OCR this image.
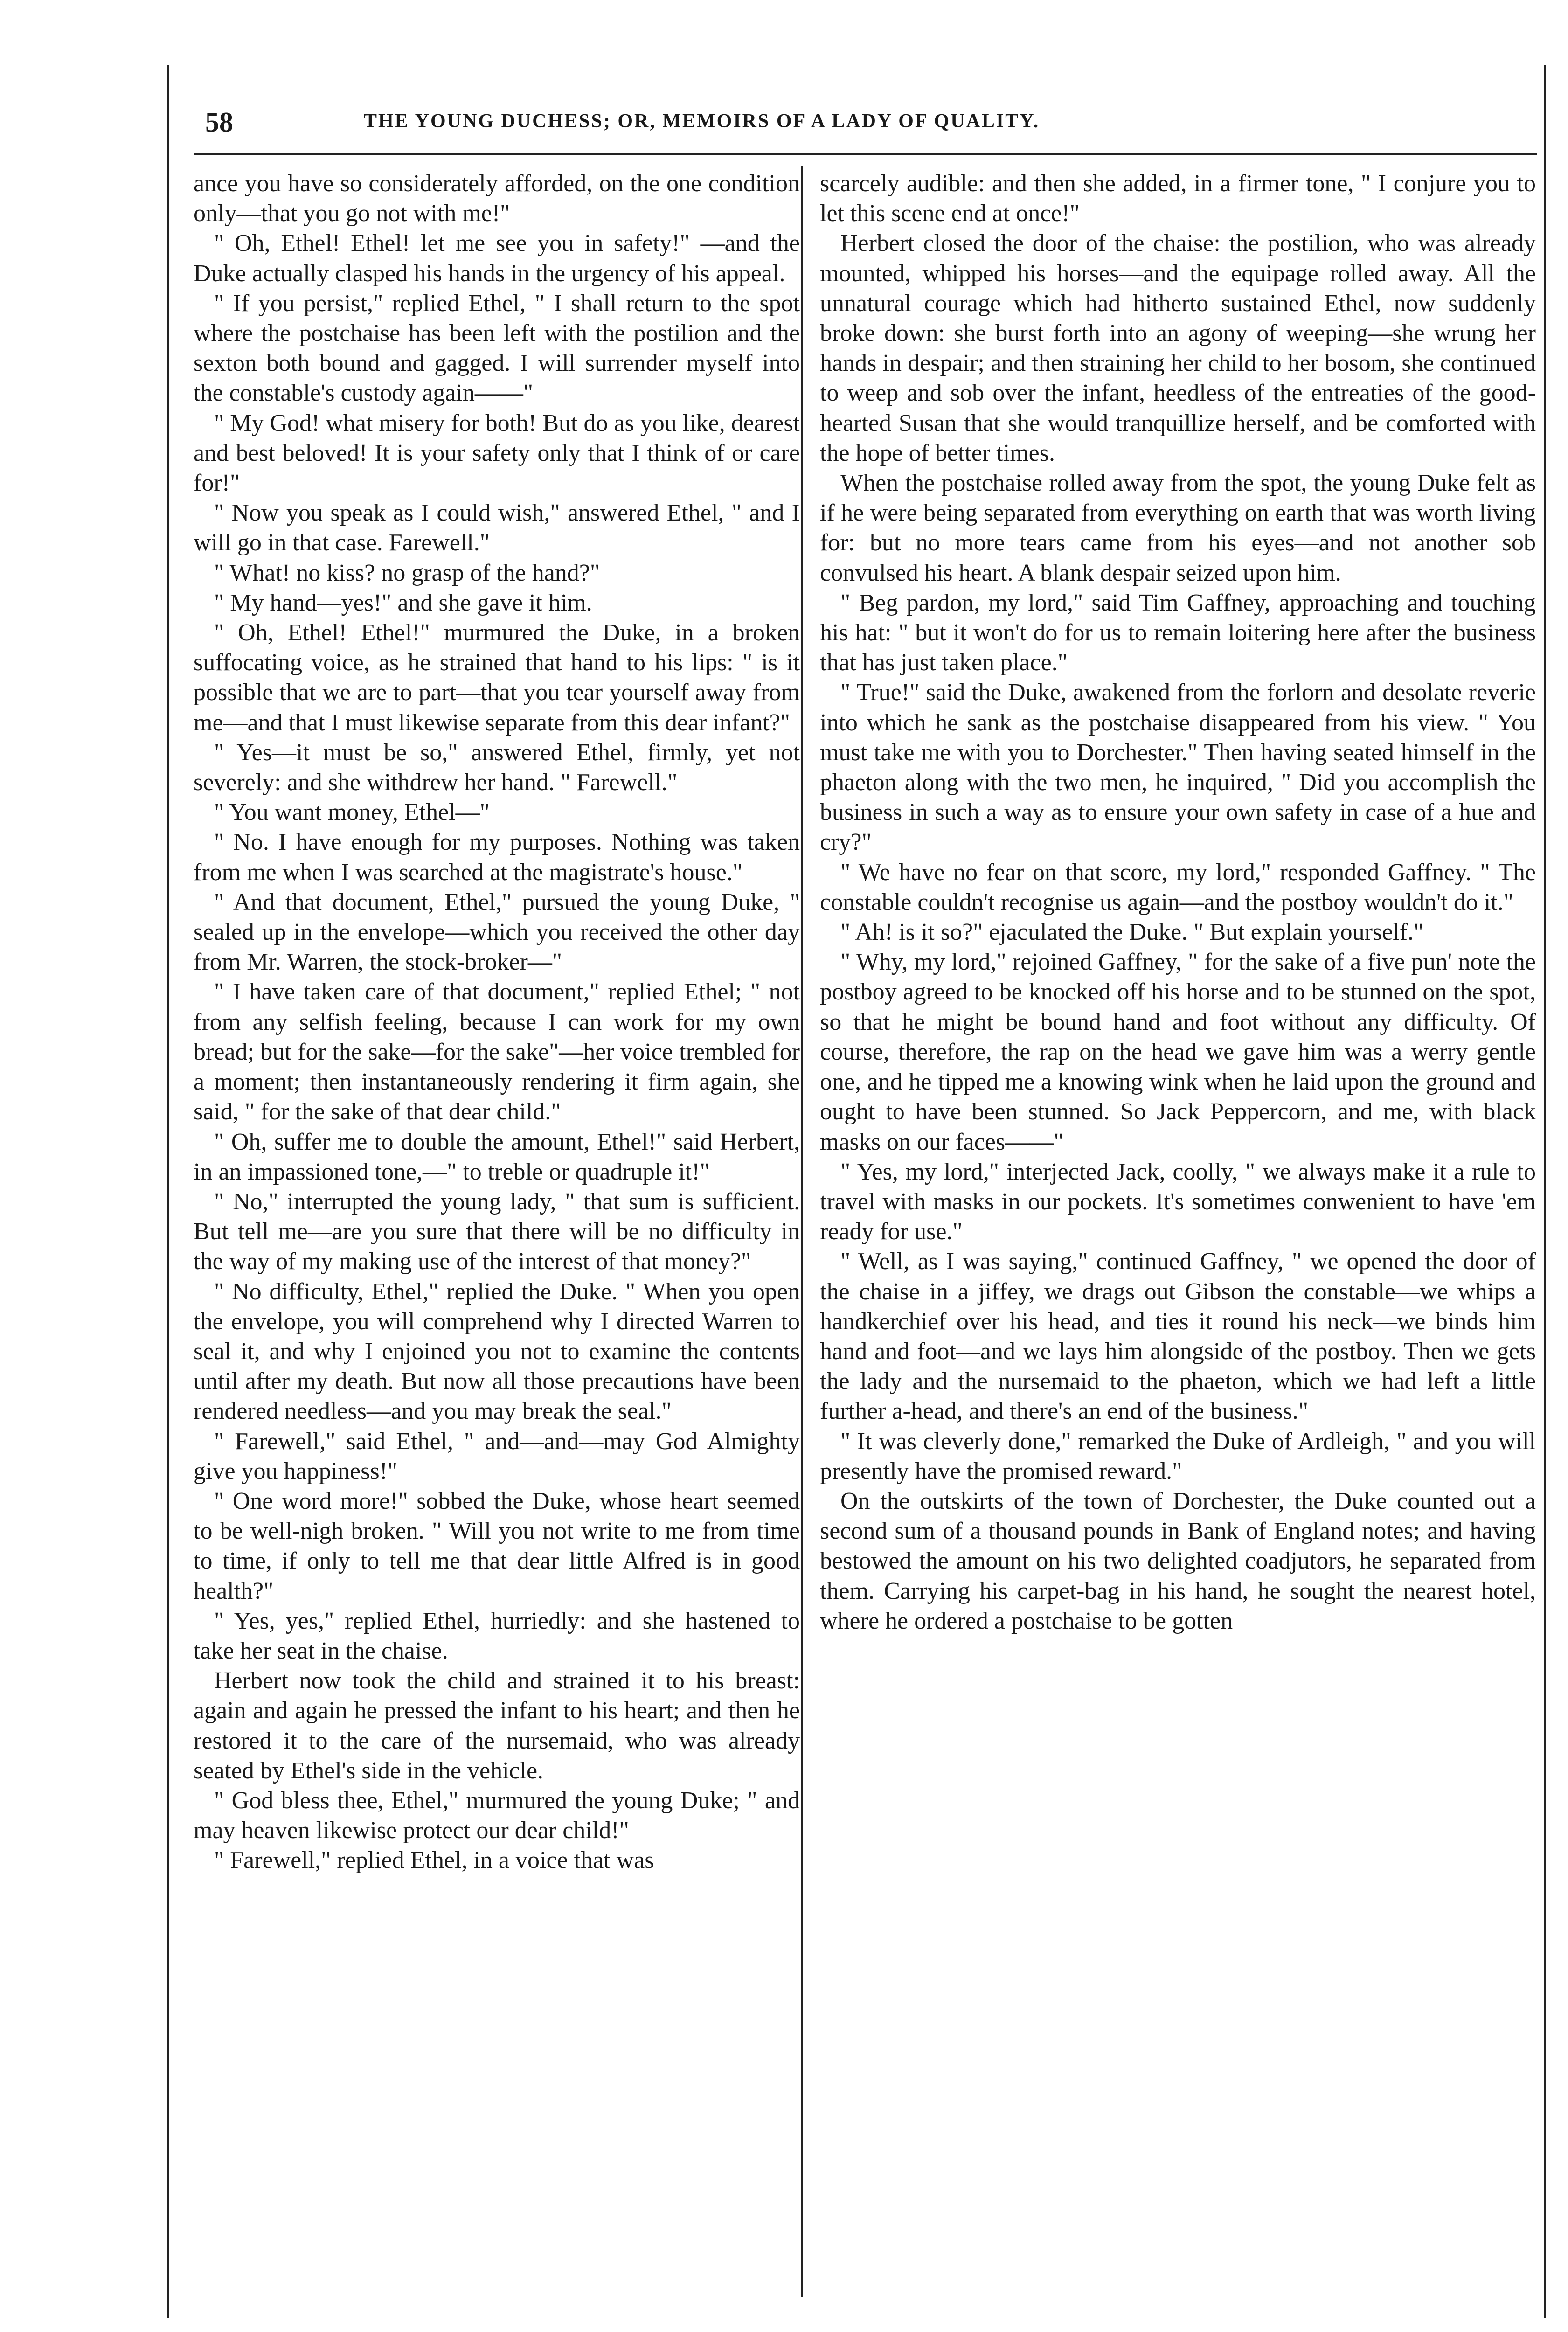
58	THE YOUNG DUCHESS; OR, MEMOIRS OF A LADY OF QUALITY.

ance you have so considerately afforded, on the one condition only—that you go not with me!"

" Oh, Ethel! Ethel! let me see you in safety!" —and the Duke actually clasped his hands in the urgency of his appeal.

" If you persist," replied Ethel, " I shall return to the spot where the postchaise has been left with the postilion and the sexton both bound and gagged. I will surrender myself into the constable's custody again——"

" My God! what misery for both! But do as you like, dearest and best beloved! It is your safety only that I think of or care for!"

" Now you speak as I could wish," answered Ethel, " and I will go in that case. Farewell."

" What! no kiss? no grasp of the hand?"

" My hand—yes!" and she gave it him.

" Oh, Ethel! Ethel!" murmured the Duke, in a broken suffocating voice, as he strained that hand to his lips: " is it possible that we are to part—that you tear yourself away from me—and that I must likewise separate from this dear infant?"

" Yes—it must be so," answered Ethel, firmly, yet not severely: and she withdrew her hand. " Farewell."

" You want money, Ethel—"

" No. I have enough for my purposes. Nothing was taken from me when I was searched at the magistrate's house."

" And that document, Ethel," pursued the young Duke, " sealed up in the envelope—which you received the other day from Mr. Warren, the stock-broker—"

" I have taken care of that document," replied Ethel; " not from any selfish feeling, because I can work for my own bread; but for the sake—for the sake"—her voice trembled for a moment; then instantaneously rendering it firm again, she said, " for the sake of that dear child."

" Oh, suffer me to double the amount, Ethel!" said Herbert, in an impassioned tone,—" to treble or quadruple it!"

" No," interrupted the young lady, " that sum is sufficient. But tell me—are you sure that there will be no difficulty in the way of my making use of the interest of that money?"

" No difficulty, Ethel," replied the Duke. " When you open the envelope, you will comprehend why I directed Warren to seal it, and why I enjoined you not to examine the contents until after my death. But now all those precautions have been rendered needless—and you may break the seal."

" Farewell," said Ethel, " and—and—may God Almighty give you happiness!"

" One word more!" sobbed the Duke, whose heart seemed to be well-nigh broken. " Will you not write to me from time to time, if only to tell me that dear little Alfred is in good health?"

" Yes, yes," replied Ethel, hurriedly: and she hastened to take her seat in the chaise.

Herbert now took the child and strained it to his breast: again and again he pressed the infant to his heart; and then he restored it to the care of the nursemaid, who was already seated by Ethel's side in the vehicle.

" God bless thee, Ethel," murmured the young Duke; " and may heaven likewise protect our dear child!"

" Farewell," replied Ethel, in a voice that was

scarcely audible: and then she added, in a firmer tone, " I conjure you to let this scene end at once!"

Herbert closed the door of the chaise: the postilion, who was already mounted, whipped his horses—and the equipage rolled away. All the unnatural courage which had hitherto sustained Ethel, now suddenly broke down: she burst forth into an agony of weeping—she wrung her hands in despair; and then straining her child to her bosom, she continued to weep and sob over the infant, heedless of the entreaties of the good-hearted Susan that she would tranquillize herself, and be comforted with the hope of better times.

When the postchaise rolled away from the spot, the young Duke felt as if he were being separated from everything on earth that was worth living for: but no more tears came from his eyes—and not another sob convulsed his heart. A blank despair seized upon him.

" Beg pardon, my lord," said Tim Gaffney, approaching and touching his hat: " but it won't do for us to remain loitering here after the business that has just taken place."

" True!" said the Duke, awakened from the forlorn and desolate reverie into which he sank as the postchaise disappeared from his view. " You must take me with you to Dorchester." Then having seated himself in the phaeton along with the two men, he inquired, " Did you accomplish the business in such a way as to ensure your own safety in case of a hue and cry?"

" We have no fear on that score, my lord," responded Gaffney. " The constable couldn't recognise us again—and the postboy wouldn't do it."

" Ah! is it so?" ejaculated the Duke. " But explain yourself."

" Why, my lord," rejoined Gaffney, " for the sake of a five pun' note the postboy agreed to be knocked off his horse and to be stunned on the spot, so that he might be bound hand and foot without any difficulty. Of course, therefore, the rap on the head we gave him was a werry gentle one, and he tipped me a knowing wink when he laid upon the ground and ought to have been stunned. So Jack Peppercorn, and me, with black masks on our faces——"

" Yes, my lord," interjected Jack, coolly, " we always make it a rule to travel with masks in our pockets. It's sometimes conwenient to have 'em ready for use."

" Well, as I was saying," continued Gaffney, " we opened the door of the chaise in a jiffey, we drags out Gibson the constable—we whips a handkerchief over his head, and ties it round his neck—we binds him hand and foot—and we lays him alongside of the postboy. Then we gets the lady and the nursemaid to the phaeton, which we had left a little further a-head, and there's an end of the business."

" It was cleverly done," remarked the Duke of Ardleigh, " and you will presently have the promised reward."

On the outskirts of the town of Dorchester, the Duke counted out a second sum of a thousand pounds in Bank of England notes; and having bestowed the amount on his two delighted coadjutors, he separated from them. Carrying his carpet-bag in his hand, he sought the nearest hotel, where he ordered a postchaise to be gotten
